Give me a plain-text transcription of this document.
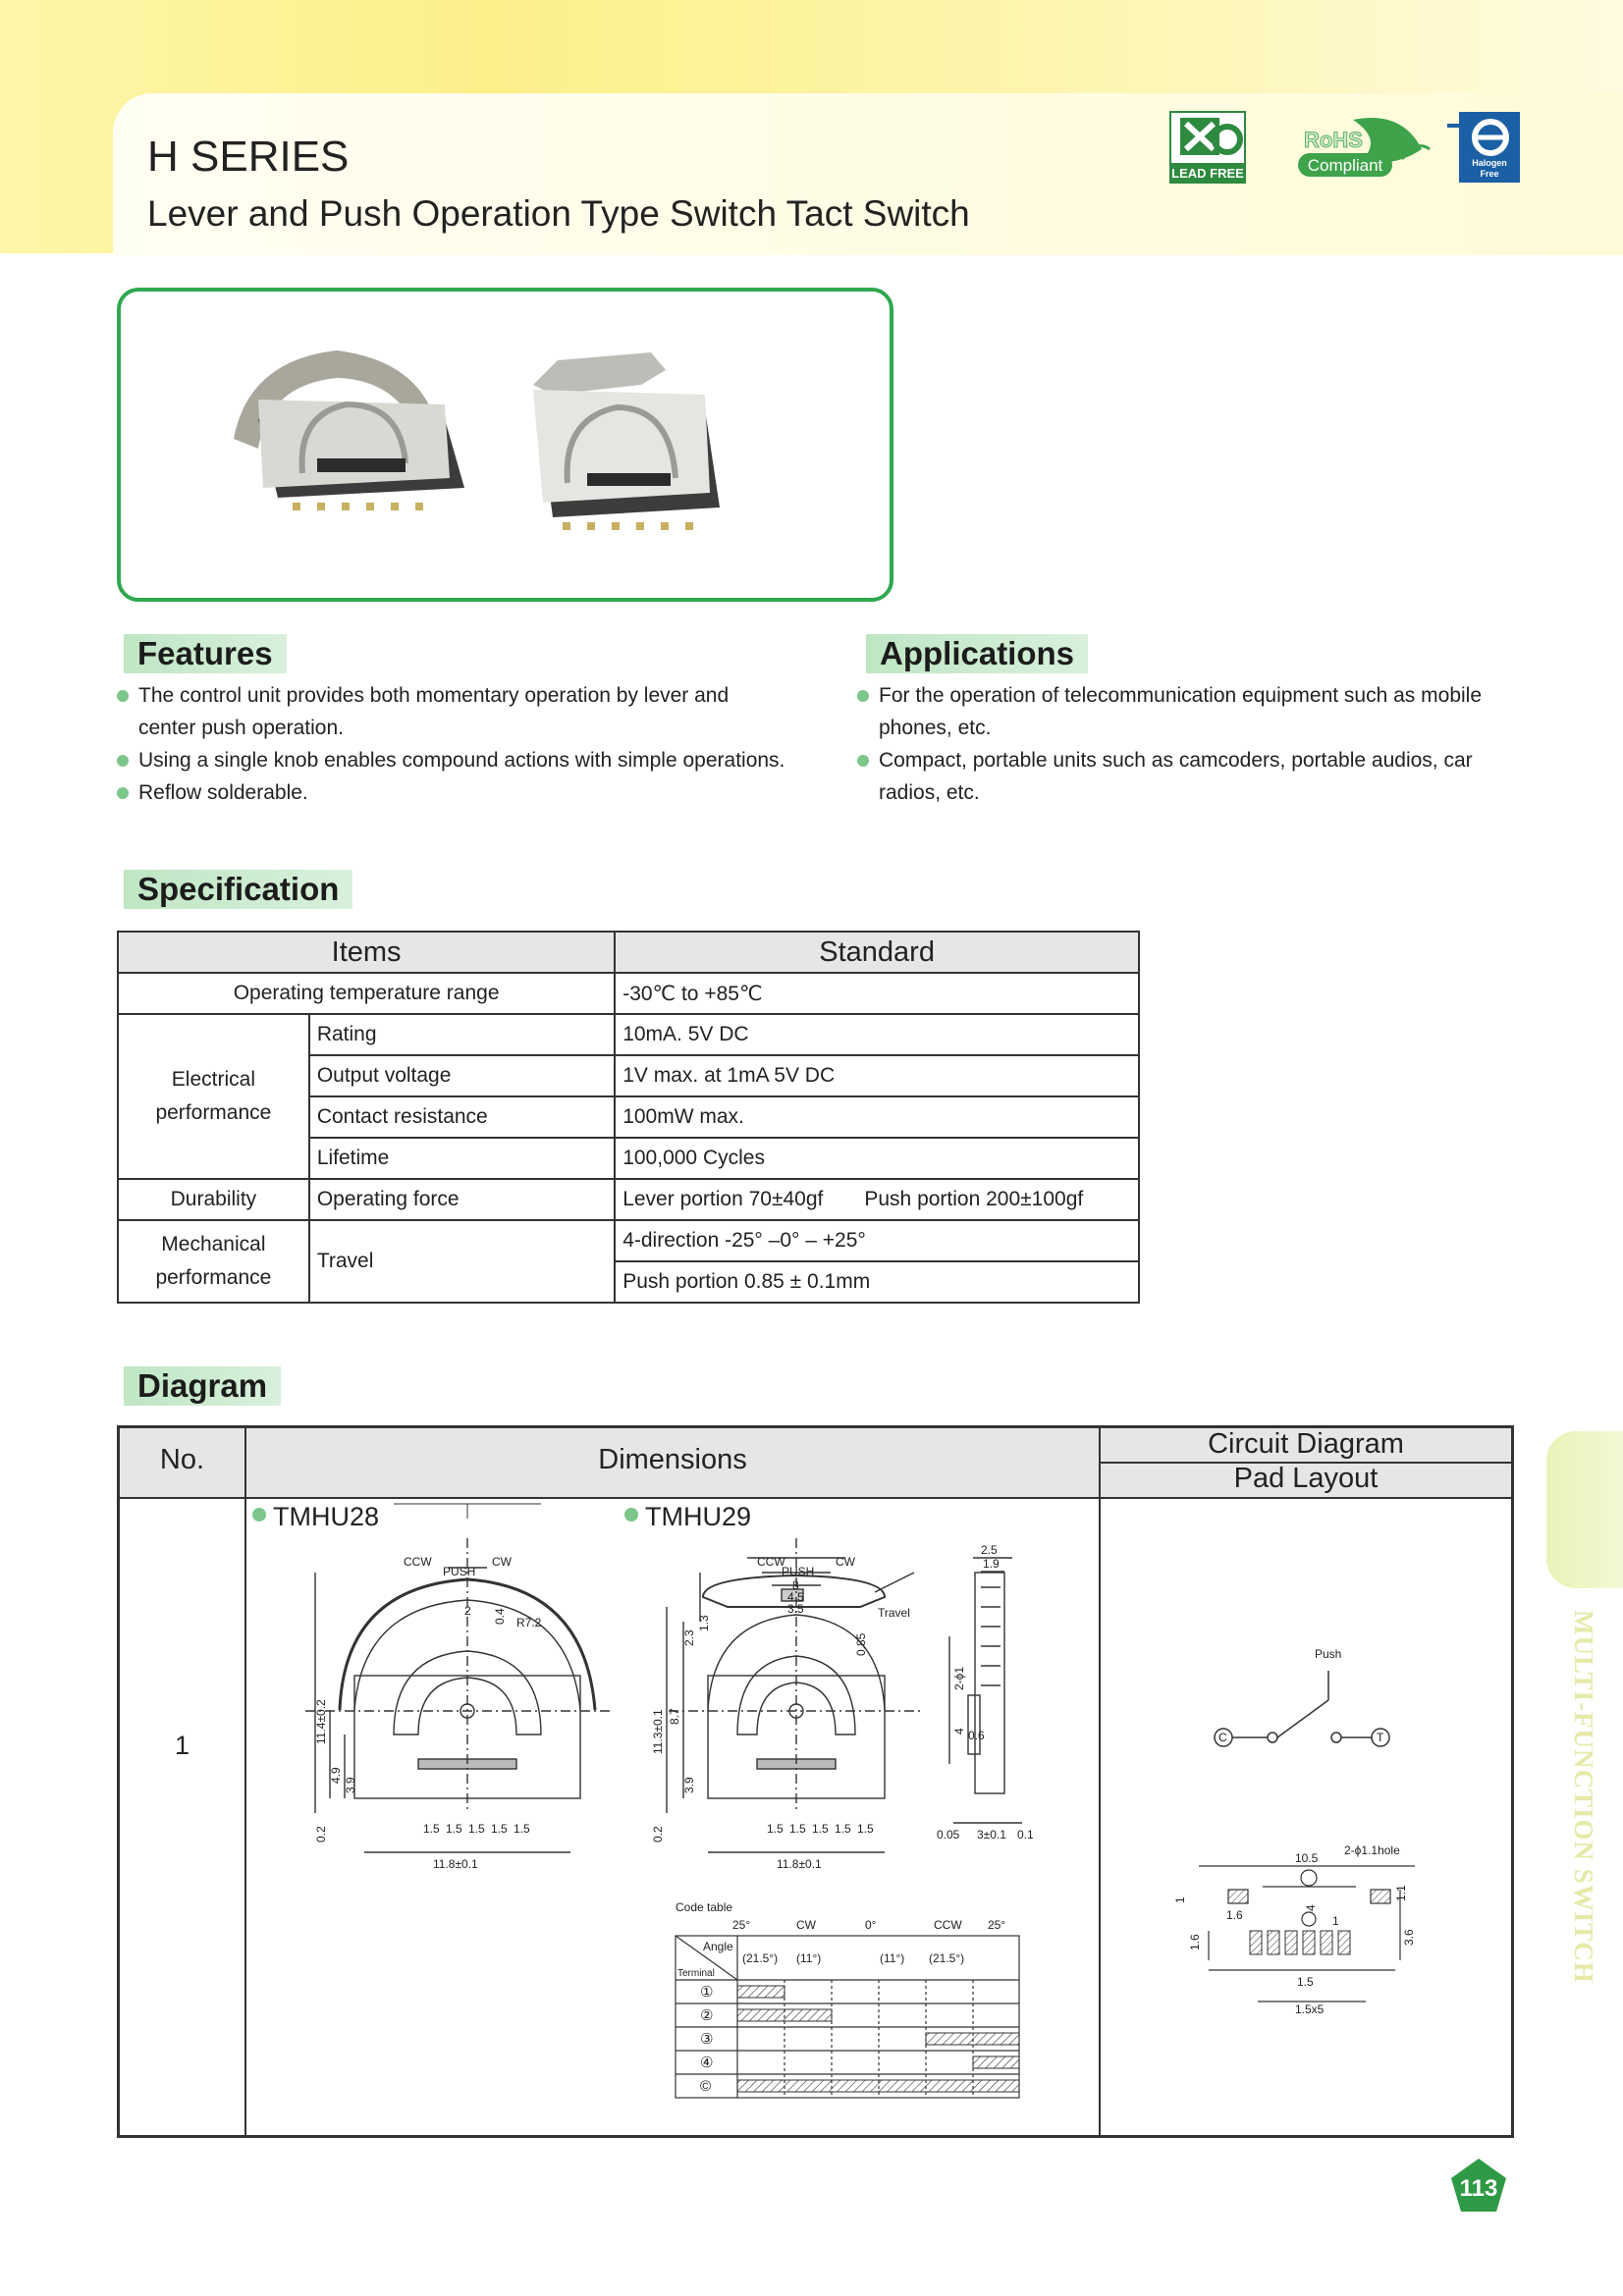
H SERIES
Lever and Push Operation Type Switch Tact Switch
LEAD FREE
RoHS
Compliant	Halogen
Free
Features
The control unit provides both momentary operation by lever and
center push operation.
Using a single knob enables compound actions with simple operations.
Reflow solderable.
Applications
For the operation of telecommunication equipment such as mobile
phones, etc.
Compact, portable units such as camcoders, portable audios, car
radios, etc.
Specification
Items		Standard
Operating temperature range		-30℃ to +85℃
Electrical
performance	Rating	10mA. 5V DC
	Output voltage	1V max. at 1mA 5V DC
	Contact resistance	100mW max.
	Lifetime	100,000 Cycles
Durability	Operating force	Lever portion 70±40gf Push portion 200±100gf
Mechanical
performance	Travel	4-direction -25° –0° – +25°
		Push portion 0.85 ± 0.1mm
Diagram
No.	Dimensions	Circuit Diagram
Pad Layout
1
TMHU28	TMHU29
CCW	CW
PUSH
R7.2
2 0.4
11.4±0.2
4.9
3.9
0.2	1.5 1.5 1.5 1.5 1.5
11.8±0.1
CCW	CW
PUSH
8
4.5
3.5	Travel
2.3
1.3
0.85
11.3±0.1 8.7
3.9
0.2	1.5 1.5 1.5 1.5 1.5
11.8±0.1
2.5
1.9
2-ϕ1
4 0.6
0.05 3±0.1 0.1
Code table
25°	CW	0°	CCW 25°
Angle
Terminal
(21.5°) (11°)	(11°) (21.5°)
①
②
③
④
©
Push
C	T
10.5
2-ϕ1.1hole
1
1.6
4
1.1
3.6
1.6
1
1.5
1.5x5
MULTI-FUNCTION SWITCH
113
